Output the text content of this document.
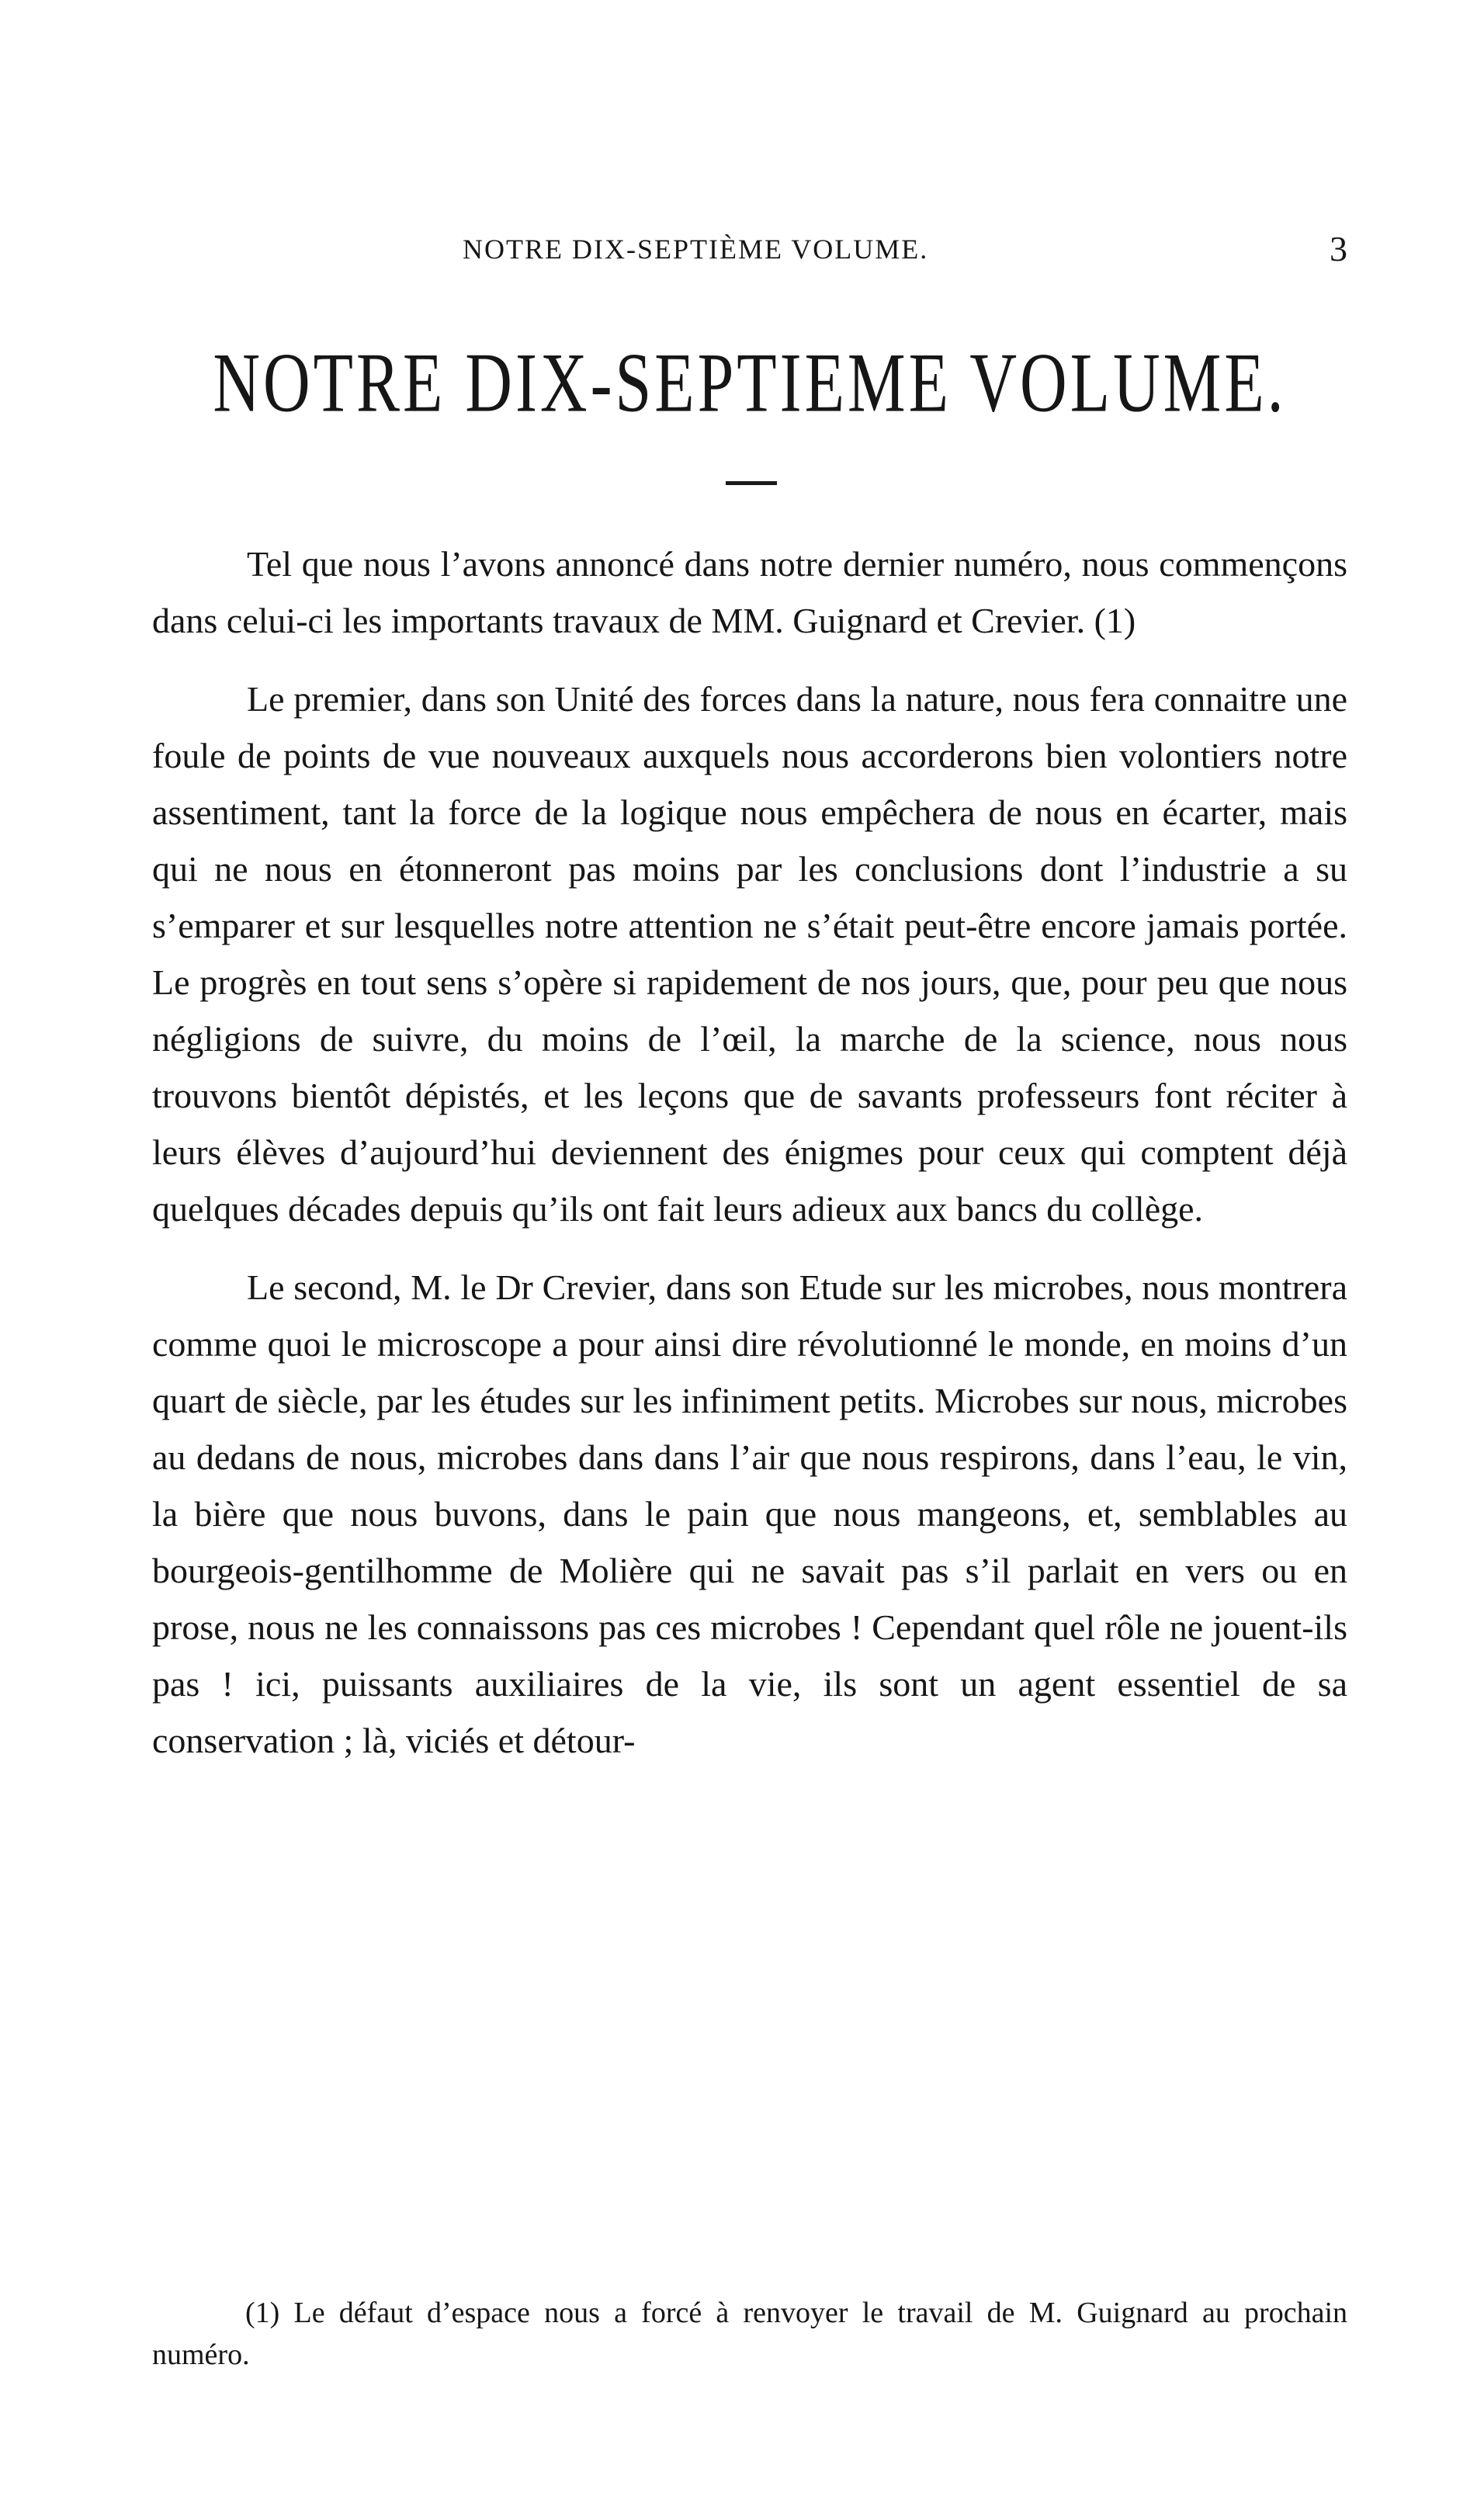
NOTRE DIX-SEPTIÈME VOLUME.	3
NOTRE DIX-SEPTIEME VOLUME.

Tel que nous l’avons annoncé dans notre dernier numéro, nous commençons dans celui-ci les importants travaux de MM. Guignard et Crevier. (1)

Le premier, dans son Unité des forces dans la nature, nous fera connaitre une foule de points de vue nouveaux auxquels nous accorderons bien volontiers notre assentiment, tant la force de la logique nous empêchera de nous en écarter, mais qui ne nous en étonneront pas moins par les conclusions dont l’industrie a su s’emparer et sur lesquelles notre attention ne s’était peut-être encore jamais portée. Le progrès en tout sens s’opère si rapidement de nos jours, que, pour peu que nous négligions de suivre, du moins de l’œil, la marche de la science, nous nous trouvons bientôt dépistés, et les leçons que de savants professeurs font réciter à leurs élèves d’aujourd’hui deviennent des énigmes pour ceux qui comptent déjà quelques décades depuis qu’ils ont fait leurs adieux aux bancs du collège.

Le second, M. le Dr Crevier, dans son Etude sur les microbes, nous montrera comme quoi le microscope a pour ainsi dire révolutionné le monde, en moins d’un quart de siècle, par les études sur les infiniment petits. Microbes sur nous, microbes au dedans de nous, microbes dans dans l’air que nous respirons, dans l’eau, le vin, la bière que nous buvons, dans le pain que nous mangeons, et, semblables au bourgeois-gentilhomme de Molière qui ne savait pas s’il parlait en vers ou en prose, nous ne les connaissons pas ces microbes ! Cependant quel rôle ne jouent-ils pas ! ici, puissants auxiliaires de la vie, ils sont un agent essentiel de sa conservation ; là, viciés et détour-

(1) Le défaut d’espace nous a forcé à renvoyer le travail de M. Guignard au prochain numéro.
